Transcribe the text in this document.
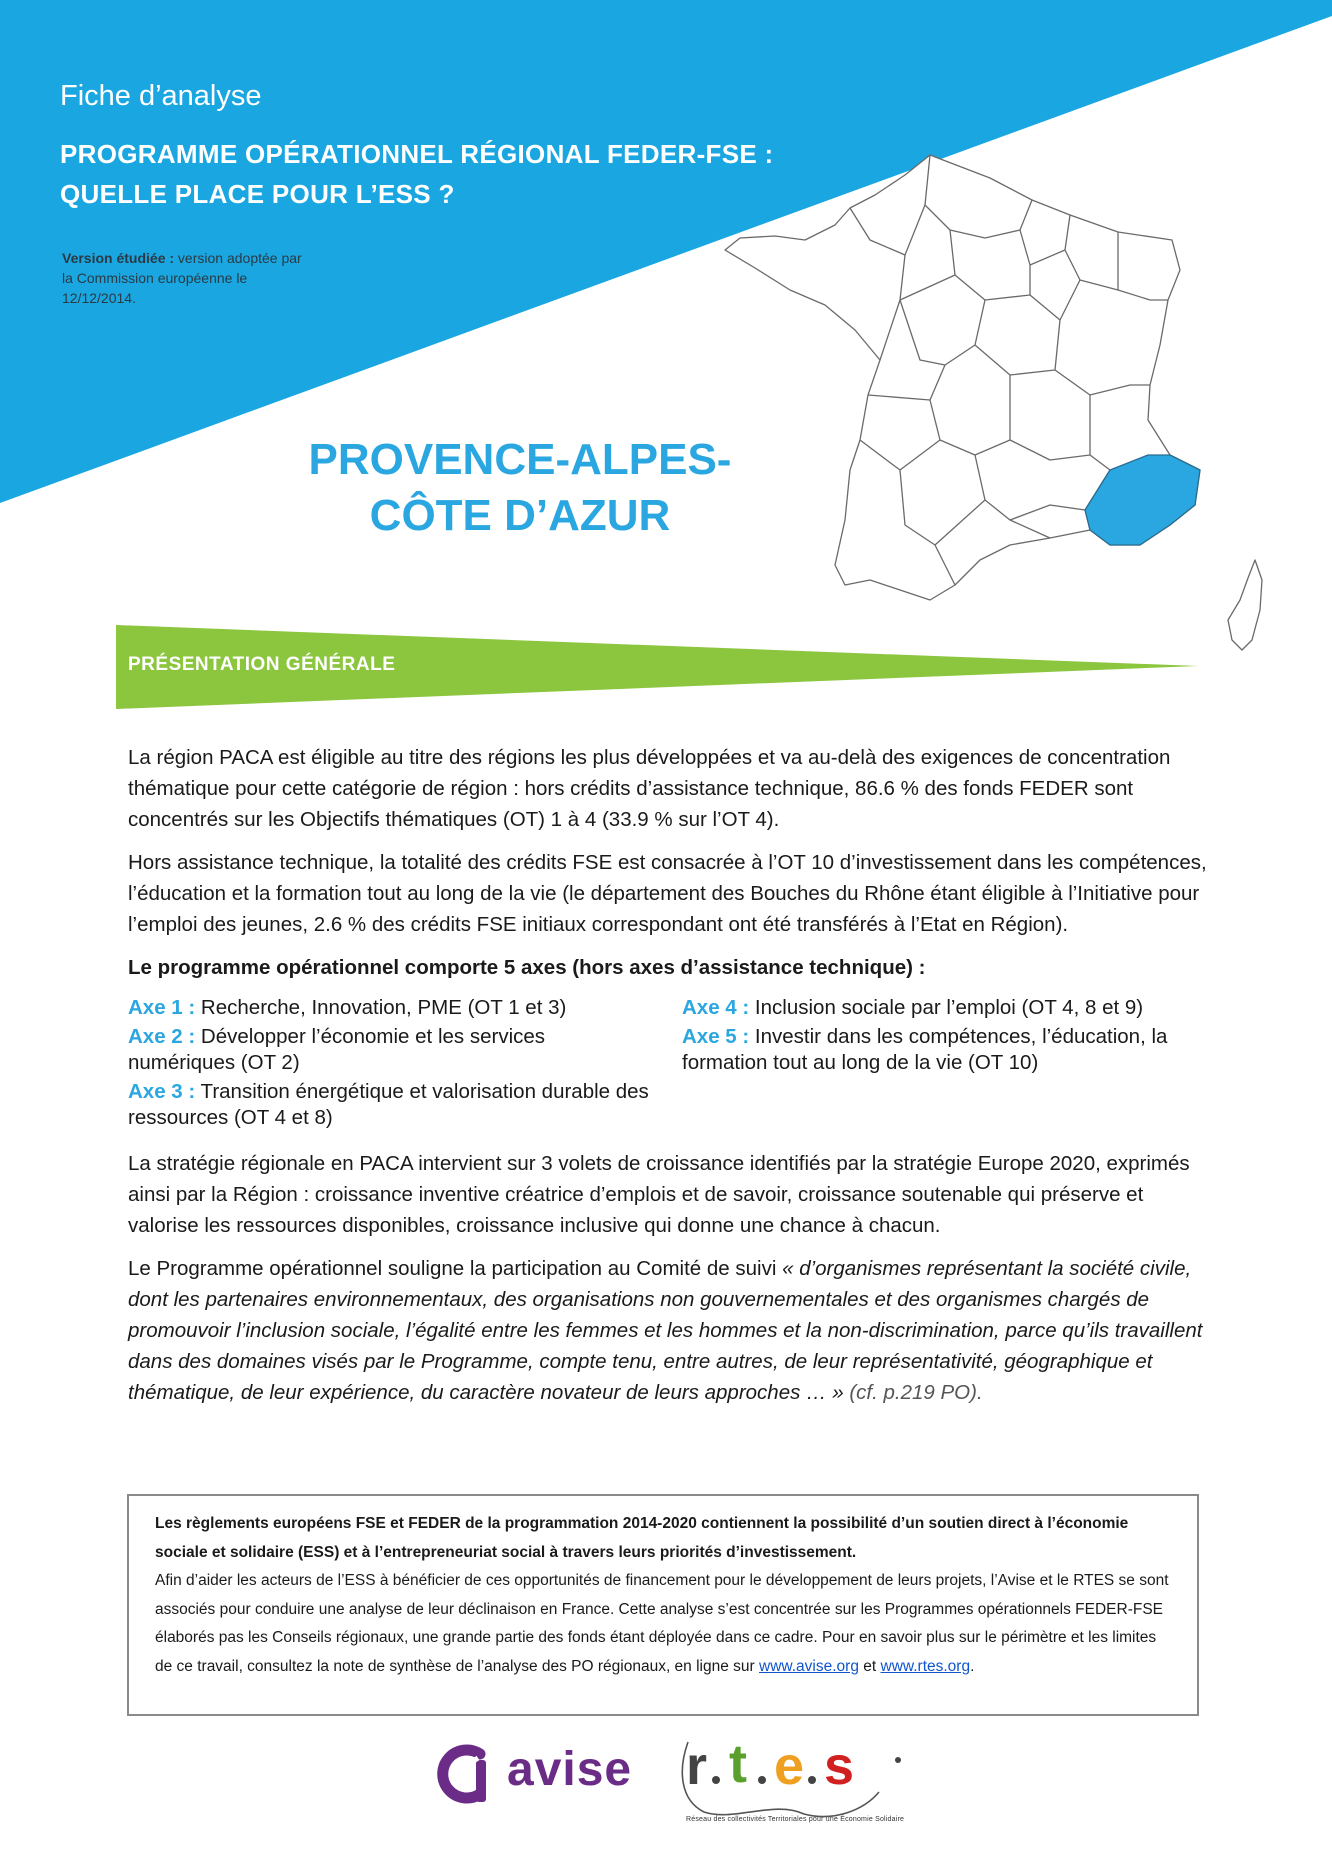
Fiche d’analyse
PROGRAMME OPÉRATIONNEL RÉGIONAL FEDER-FSE :
QUELLE PLACE POUR L’ESS ?
Version étudiée : version adoptée par
la Commission européenne le
12/12/2014.
PROVENCE-ALPES-
CÔTE D’AZUR
PRÉSENTATION GÉNÉRALE

La région PACA est éligible au titre des régions les plus développées et va au-delà des exigences de concentration thématique pour cette catégorie de région : hors crédits d’assistance technique, 86.6 % des fonds FEDER sont concentrés sur les Objectifs thématiques (OT) 1 à 4 (33.9 % sur l’OT 4).

Hors assistance technique, la totalité des crédits FSE est consacrée à l’OT 10 d’investissement dans les compétences, l’éducation et la formation tout au long de la vie (le département des Bouches du Rhône étant éligible à l’Initiative pour l’emploi des jeunes, 2.6 % des crédits FSE initiaux correspondant ont été transférés à l’Etat en Région).

Le programme opérationnel comporte 5 axes (hors axes d’assistance technique) :

Axe 1 : Recherche, Innovation, PME (OT 1 et 3)
Axe 2 : Développer l’économie et les services numériques (OT 2)
Axe 3 : Transition énergétique et valorisation durable des ressources (OT 4 et 8)
Axe 4 : Inclusion sociale par l’emploi (OT 4, 8 et 9)
Axe 5 : Investir dans les compétences, l’éducation, la formation tout au long de la vie (OT 10)

La stratégie régionale en PACA intervient sur 3 volets de croissance identifiés par la stratégie Europe 2020, exprimés ainsi par la Région : croissance inventive créatrice d’emplois et de savoir, croissance soutenable qui préserve et valorise les ressources disponibles, croissance inclusive qui donne une chance à chacun.

Le Programme opérationnel souligne la participation au Comité de suivi « d’organismes représentant la société civile, dont les partenaires environnementaux, des organisations non gouvernementales et des organismes chargés de promouvoir l’inclusion sociale, l’égalité entre les femmes et les hommes et la non-discrimination, parce qu’ils travaillent dans des domaines visés par le Programme, compte tenu, entre autres, de leur représentativité, géographique et thématique, de leur expérience, du caractère novateur de leurs approches … » (cf. p.219 PO).

Les règlements européens FSE et FEDER de la programmation 2014-2020 contiennent la possibilité d’un soutien direct à l’économie sociale et solidaire (ESS) et à l’entrepreneuriat social à travers leurs priorités d’investissement.
Afin d’aider les acteurs de l’ESS à bénéficier de ces opportunités de financement pour le développement de leurs projets, l’Avise et le RTES se sont associés pour conduire une analyse de leur déclinaison en France. Cette analyse s’est concentrée sur les Programmes opérationnels FEDER-FSE élaborés pas les Conseils régionaux, une grande partie des fonds étant déployée dans ce cadre. Pour en savoir plus sur le périmètre et les limites de ce travail, consultez la note de synthèse de l’analyse des PO régionaux, en ligne sur www.avise.org et www.rtes.org.
avise r t e s
Réseau des collectivités Territoriales pour une Économie Solidaire
